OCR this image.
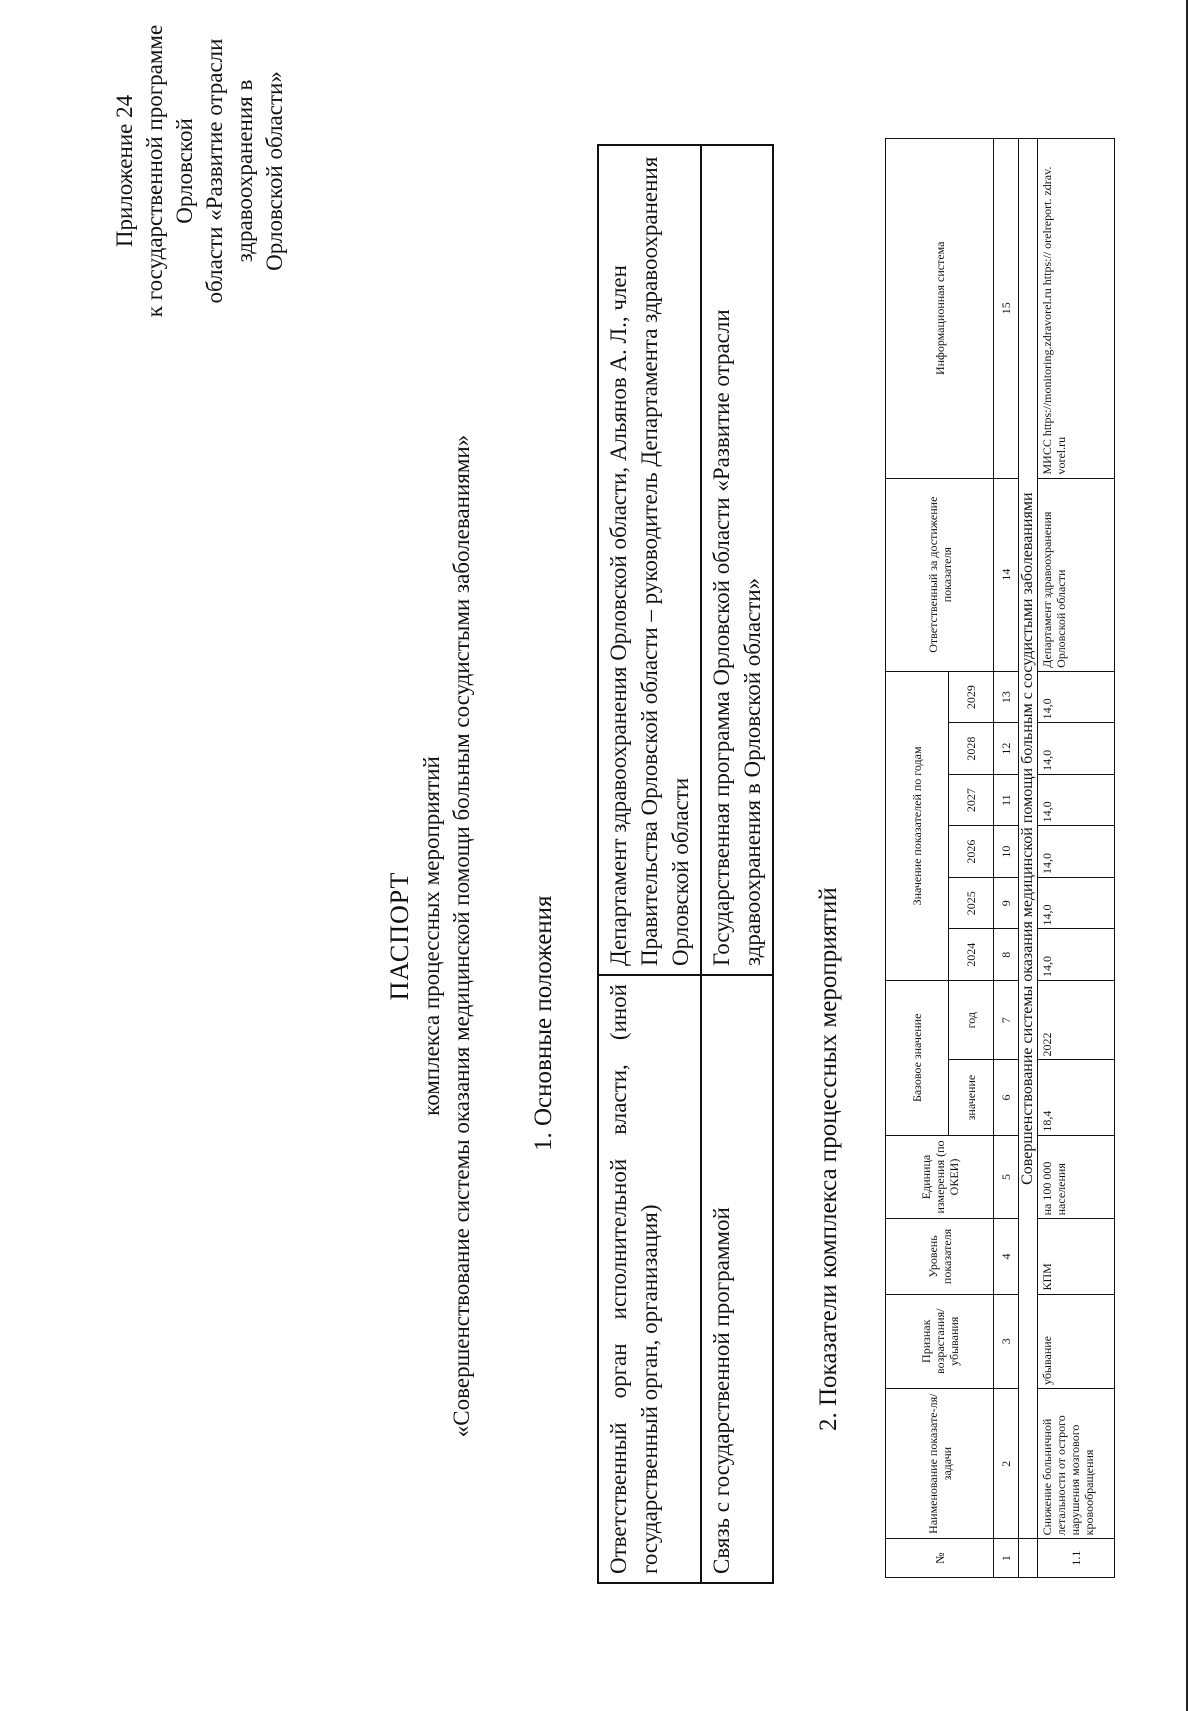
Приложение 24 к государственной программе Орловской области «Развитие отрасли здравоохранения в Орловской области»
ПАСПОРТ комплекса процессных мероприятий «Совершенствование системы оказания медицинской помощи больным сосудистыми заболеваниями» 1. Основные положения Ответственный орган исполнительной власти, (иной государственный орган, организация)	Департамент здравоохранения Орловской области, Альянов А. Л., член Правительства Орловской области – руководитель Департамента здравоохранения Орловской области
Связь с государственной программой	Государственная программа Орловской области «Развитие отрасли здравоохранения в Орловской области»
2. Показатели комплекса процессных мероприятий
№	Наименование показате-ля/задачи	Признак возрастания/ убывания	Уровень показателя	Единица измерения (по ОКЕИ)	Базовое значение		Значение показателей по годам						Ответственный за достижение показателя	Информационная система
					значение	год	2024	2025	2026	2027	2028	2029		
1	2	3	4	5	6	7	8	9	10	11	12	13	14	15
	Совершенствование системы оказания медицинской помощи больным с сосудистыми заболеваниями													
1.1	Снижение больничной летальности от острого нарушения мозгового кровообращения	убывание	КПМ	на 100 000 населения	18,4	2022	14,0	14,0	14,0	14,0	14,0	14,0	Департамент здравоохранения Орловской области	МИСС https://monitoring.zdravorel.ru https:// orelreport. zdrav. vorel.ru
